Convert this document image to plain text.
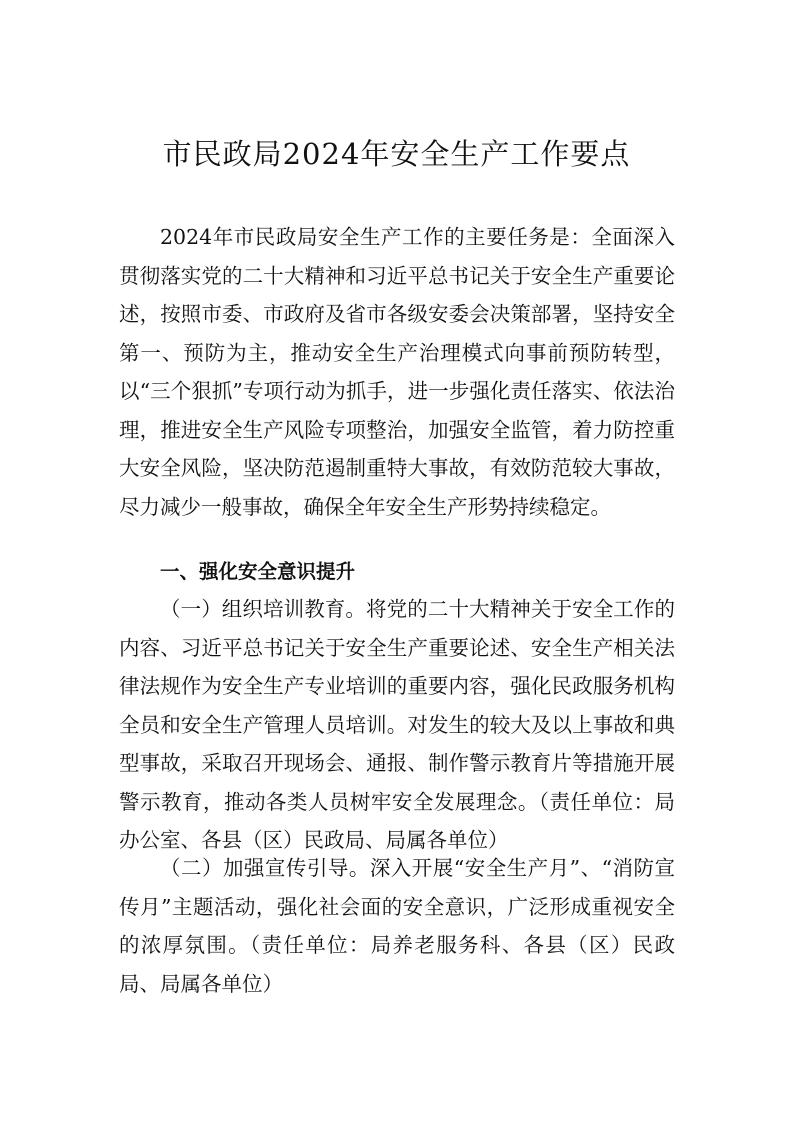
市民政局2024年安全生产工作要点

2024年市民政局安全生产工作的主要任务是：全面深入贯彻落实党的二十大精神和习近平总书记关于安全生产重要论述，按照市委、市政府及省市各级安委会决策部署，坚持安全第一、预防为主，推动安全生产治理模式向事前预防转型，以“三个狠抓”专项行动为抓手，进一步强化责任落实、依法治理，推进安全生产风险专项整治，加强安全监管，着力防控重大安全风险，坚决防范遏制重特大事故，有效防范较大事故，尽力减少一般事故，确保全年安全生产形势持续稳定。

一、强化安全意识提升

（一）组织培训教育。将党的二十大精神关于安全工作的内容、习近平总书记关于安全生产重要论述、安全生产相关法律法规作为安全生产专业培训的重要内容，强化民政服务机构全员和安全生产管理人员培训。对发生的较大及以上事故和典型事故，采取召开现场会、通报、制作警示教育片等措施开展警示教育，推动各类人员树牢安全发展理念。（责任单位：局办公室、各县（区）民政局、局属各单位）

（二）加强宣传引导。深入开展“安全生产月”、“消防宣传月”主题活动，强化社会面的安全意识，广泛形成重视安全的浓厚氛围。（责任单位：局养老服务科、各县（区）民政局、局属各单位）
